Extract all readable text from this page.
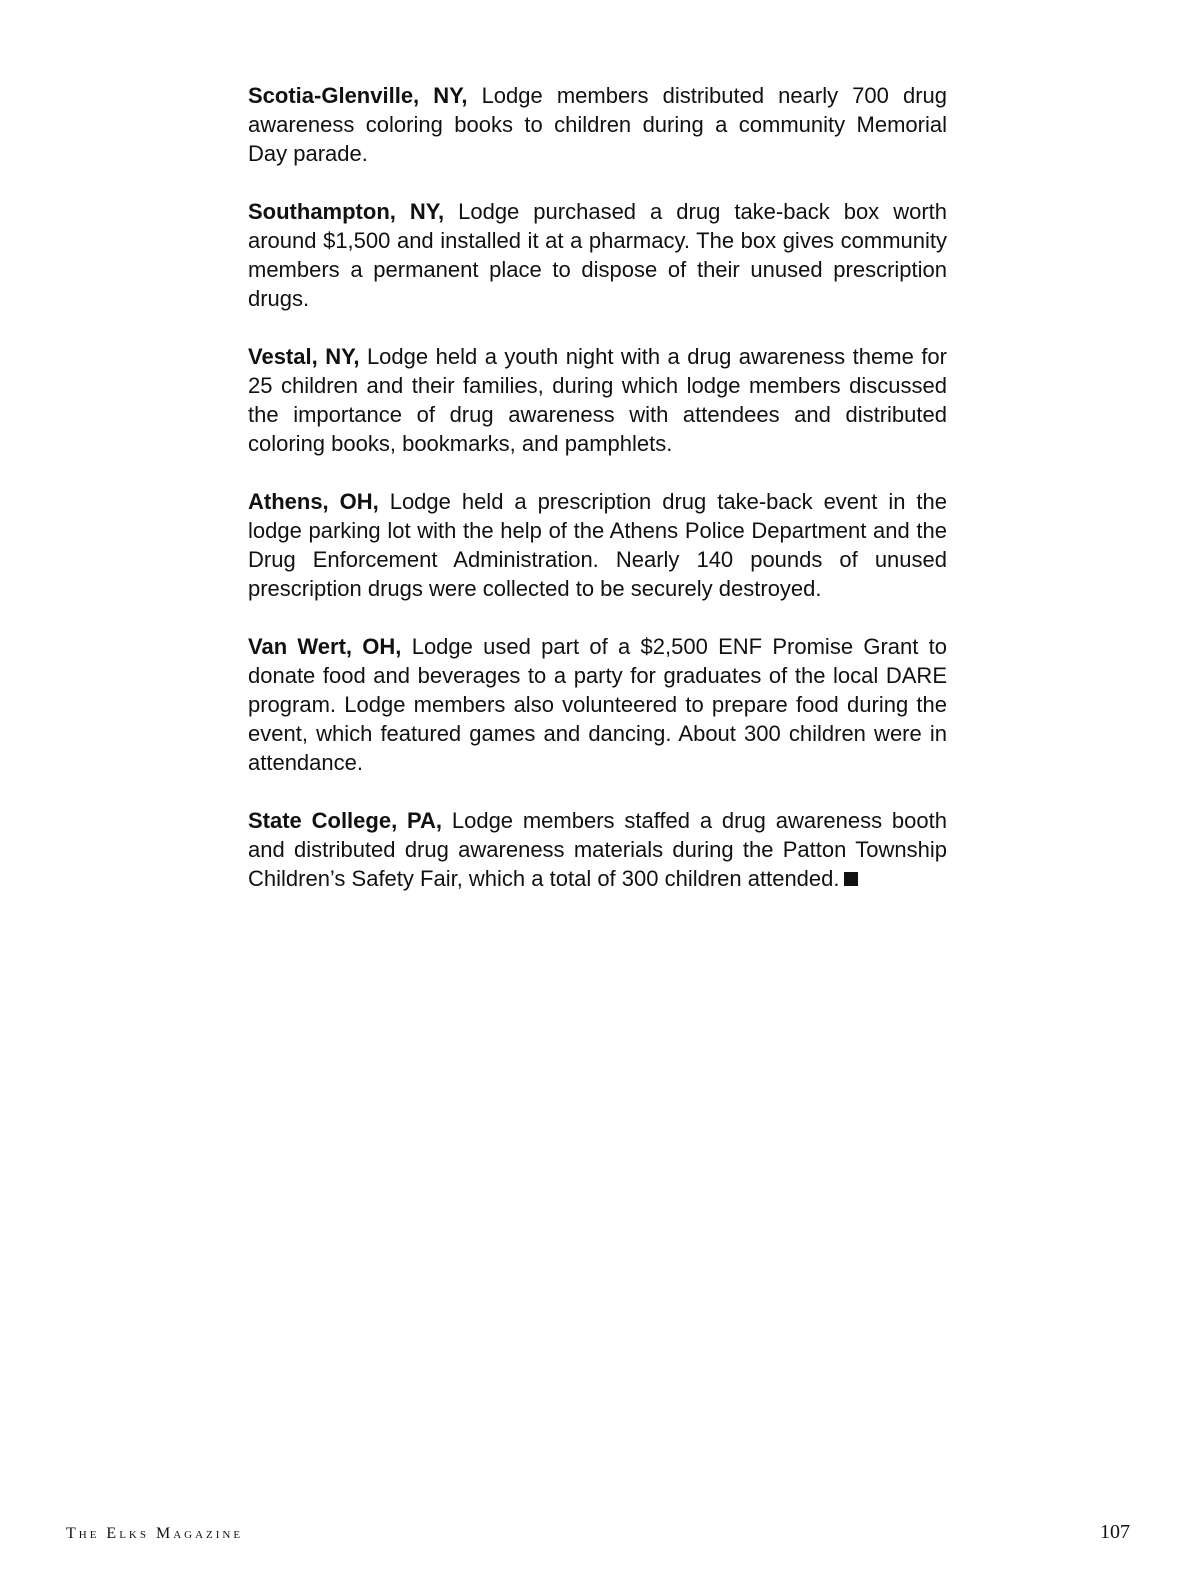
Scotia-Glenville, NY, Lodge members distributed nearly 700 drug awareness coloring books to children during a community Memorial Day parade.

Southampton, NY, Lodge purchased a drug take-back box worth around $1,500 and installed it at a pharmacy. The box gives community members a permanent place to dispose of their unused prescription drugs.

Vestal, NY, Lodge held a youth night with a drug awareness theme for 25 children and their families, during which lodge members discussed the importance of drug awareness with attendees and distributed coloring books, bookmarks, and pamphlets.

Athens, OH, Lodge held a prescription drug take-back event in the lodge parking lot with the help of the Athens Police Department and the Drug Enforcement Administration. Nearly 140 pounds of unused prescription drugs were collected to be securely destroyed.

Van Wert, OH, Lodge used part of a $2,500 ENF Promise Grant to donate food and beverages to a party for graduates of the local DARE program. Lodge members also volunteered to prepare food during the event, which featured games and dancing. About 300 children were in attendance.

State College, PA, Lodge members staffed a drug awareness booth and distributed drug awareness materials during the Patton Township Children’s Safety Fair, which a total of 300 children attended.

The Elks Magazine	107
